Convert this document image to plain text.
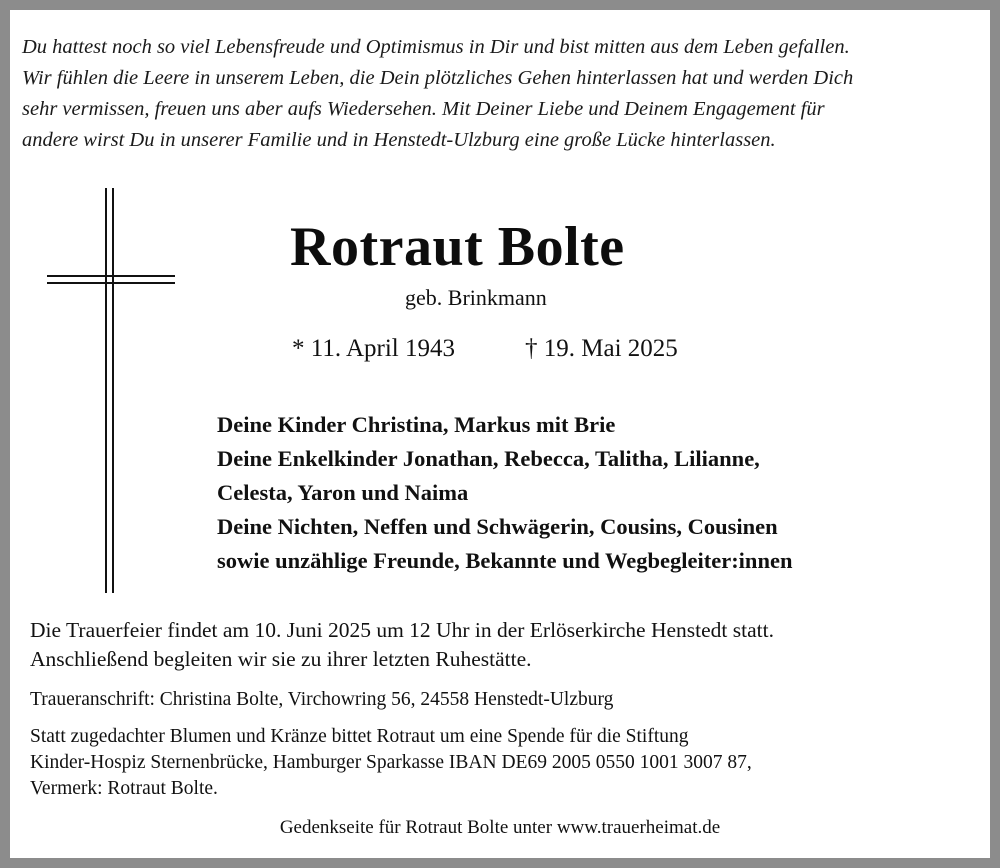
Du hattest noch so viel Lebensfreude und Optimismus in Dir und bist mitten aus dem Leben gefallen.
Wir fühlen die Leere in unserem Leben, die Dein plötzliches Gehen hinterlassen hat und werden Dich
sehr vermissen, freuen uns aber aufs Wiedersehen. Mit Deiner Liebe und Deinem Engagement für
andere wirst Du in unserer Familie und in Henstedt-Ulzburg eine große Lücke hinterlassen.
Rotraut Bolte
geb. Brinkmann
* 11. April 1943	† 19. Mai 2025
Deine Kinder Christina, Markus mit Brie
Deine Enkelkinder Jonathan, Rebecca, Talitha, Lilianne,
Celesta, Yaron und Naima
Deine Nichten, Neffen und Schwägerin, Cousins, Cousinen
sowie unzählige Freunde, Bekannte und Wegbegleiter:innen
Die Trauerfeier findet am 10. Juni 2025 um 12 Uhr in der Erlöserkirche Henstedt statt.
Anschließend begleiten wir sie zu ihrer letzten Ruhestätte.
Traueranschrift: Christina Bolte, Virchowring 56, 24558 Henstedt-Ulzburg
Statt zugedachter Blumen und Kränze bittet Rotraut um eine Spende für die Stiftung
Kinder-Hospiz Sternenbrücke, Hamburger Sparkasse IBAN DE69 2005 0550 1001 3007 87,
Vermerk: Rotraut Bolte.
Gedenkseite für Rotraut Bolte unter www.trauerheimat.de
